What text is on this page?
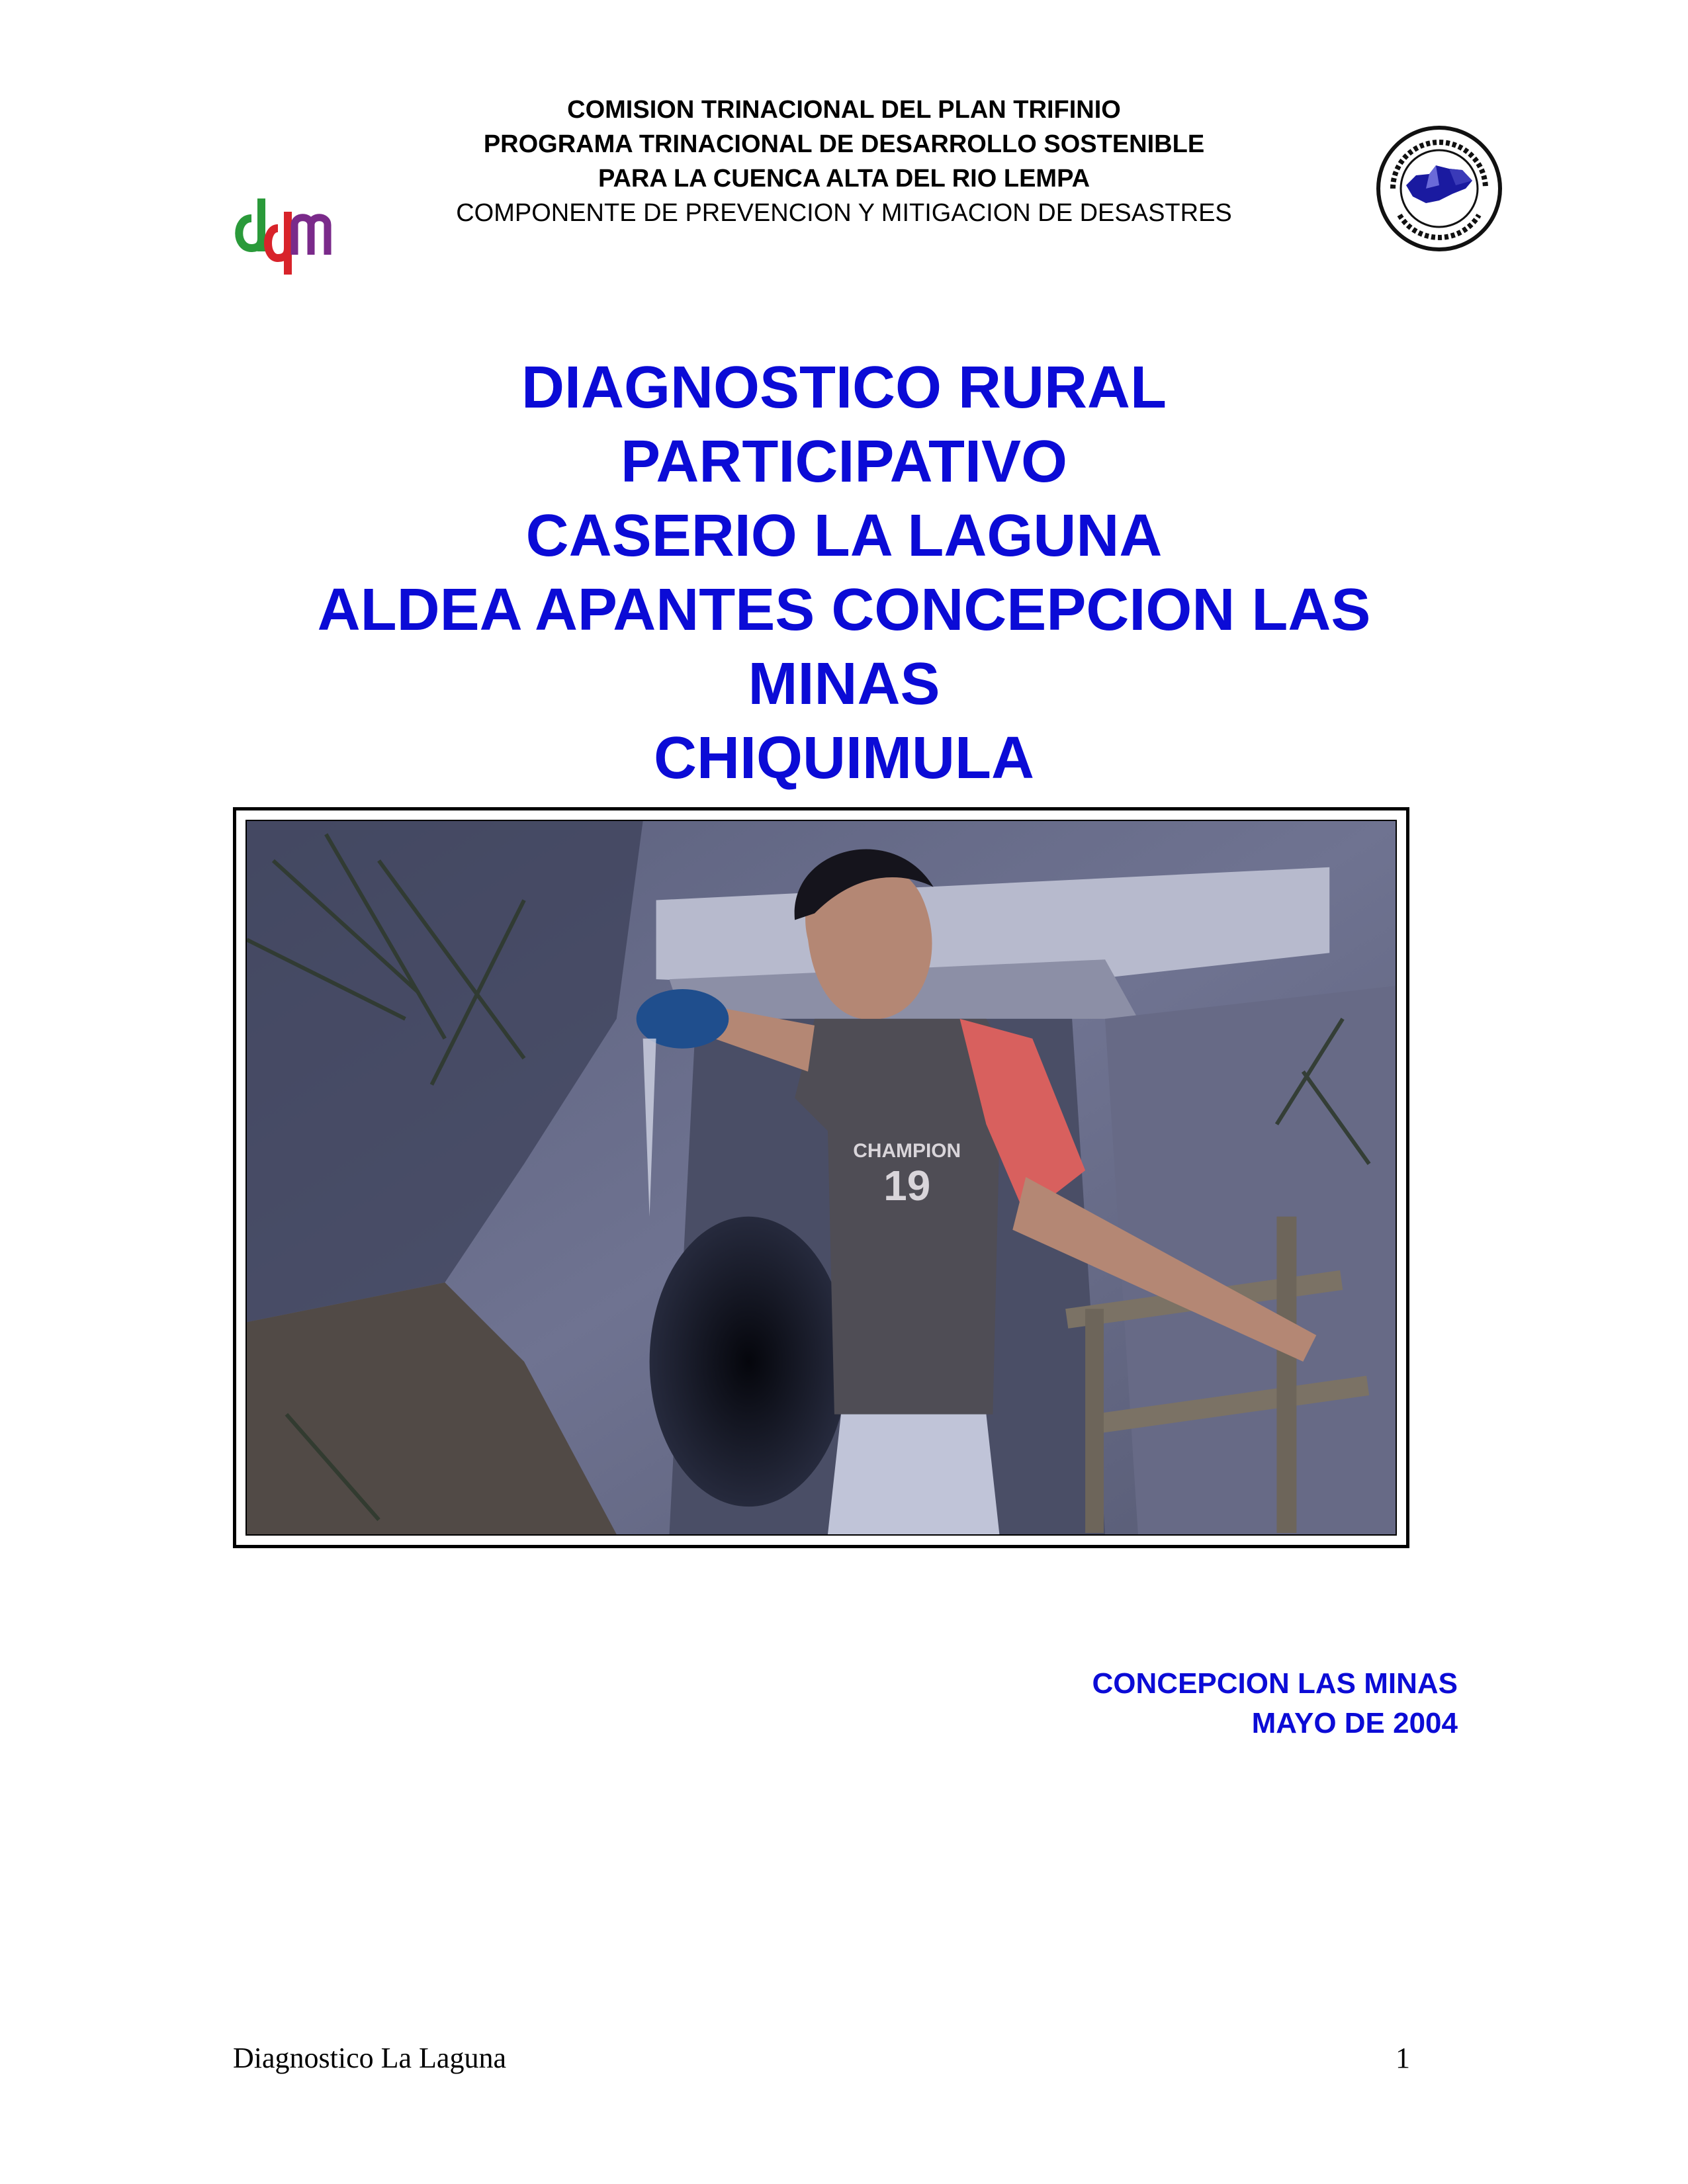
COMISION TRINACIONAL DEL PLAN TRIFINIO
PROGRAMA TRINACIONAL DE DESARROLLO SOSTENIBLE
PARA LA CUENCA ALTA DEL RIO LEMPA
COMPONENTE DE PREVENCION Y MITIGACION DE DESASTRES
DIAGNOSTICO RURAL
PARTICIPATIVO
CASERIO LA LAGUNA
ALDEA APANTES CONCEPCION LAS
MINAS
CHIQUIMULA
CHAMPION
19
CONCEPCION LAS MINAS
MAYO DE 2004
Diagnostico La Laguna	1
